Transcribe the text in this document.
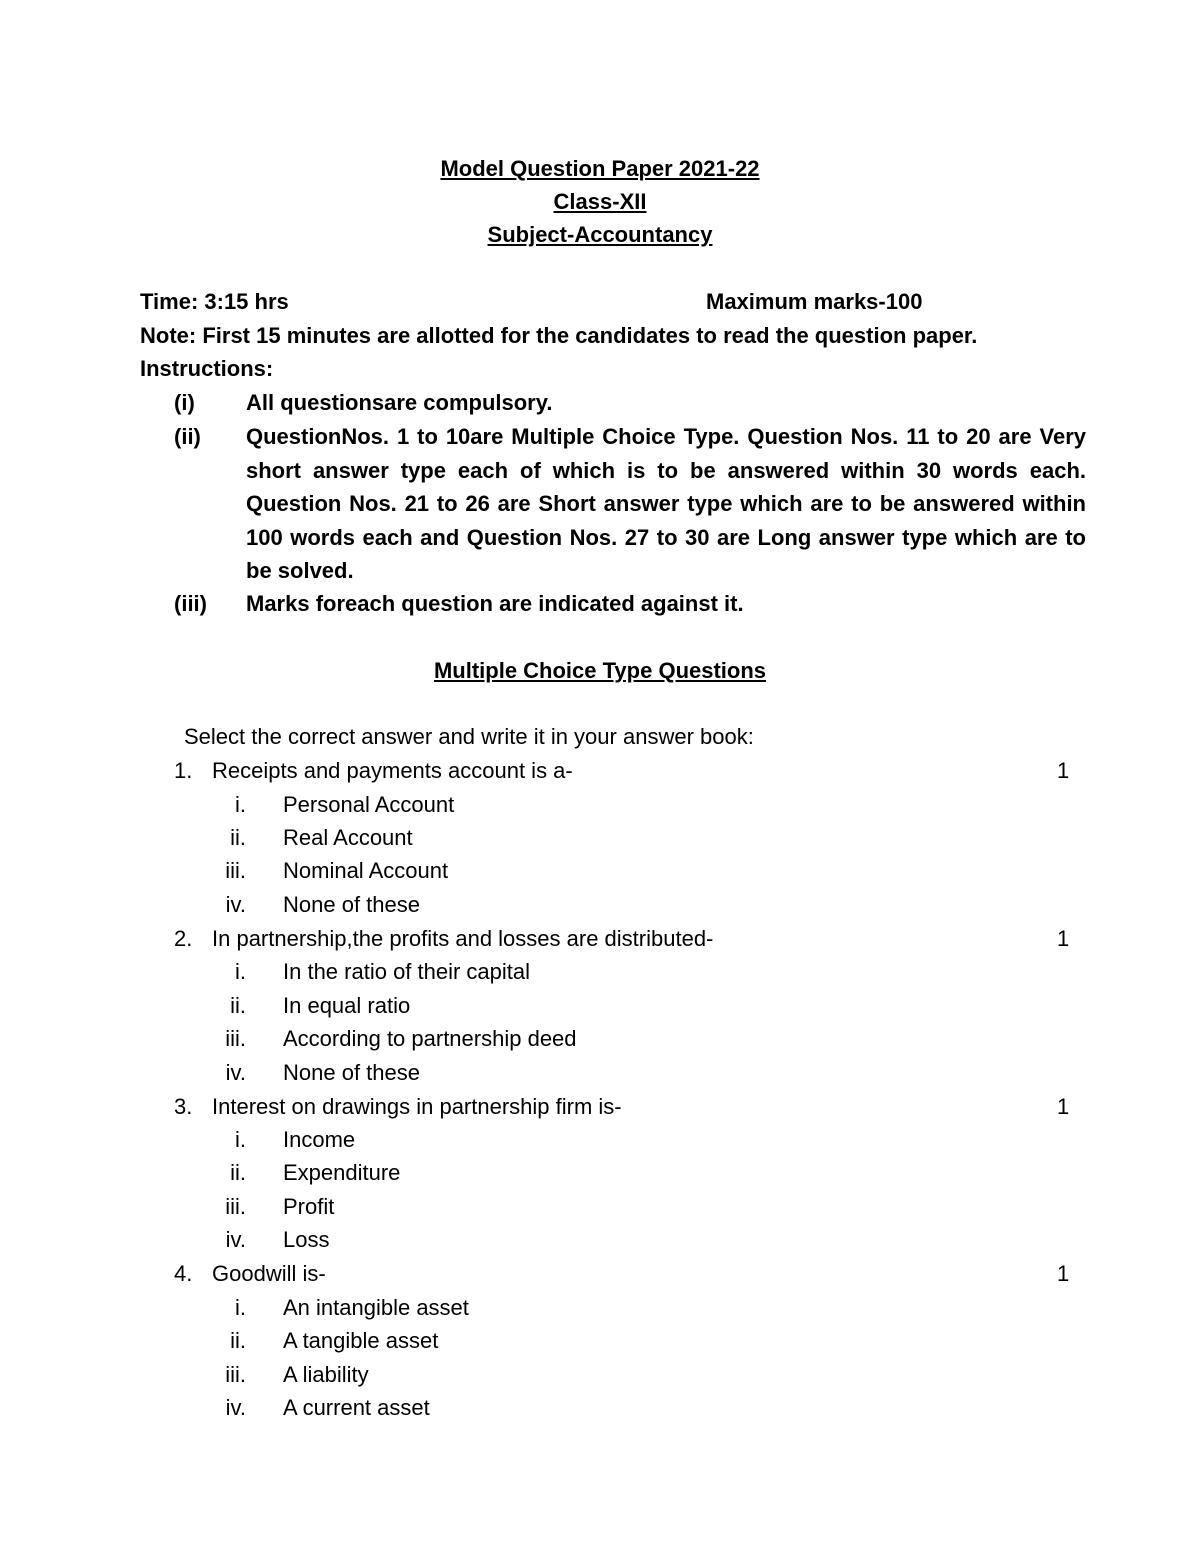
Model Question Paper 2021-22
Class-XII
Subject-Accountancy
Time: 3:15 hrs	Maximum marks-100
Note: First 15 minutes are allotted for the candidates to read the question paper.
Instructions:
(i) All questionsare compulsory.
(ii) QuestionNos. 1 to 10are Multiple Choice Type. Question Nos. 11 to 20 are Very short answer type each of which is to be answered within 30 words each. Question Nos. 21 to 26 are Short answer type which are to be answered within 100 words each and Question Nos. 27 to 30 are Long answer type which are to be solved.
(iii) Marks foreach question are indicated against it.
Multiple Choice Type Questions
Select the correct answer and write it in your answer book:
1. Receipts and payments account is a-	1
i. Personal Account
ii. Real Account
iii. Nominal Account
iv. None of these
2. In partnership,the profits and losses are distributed-	1
i. In the ratio of their capital
ii. In equal ratio
iii. According to partnership deed
iv. None of these
3. Interest on drawings in partnership firm is-	1
i. Income
ii. Expenditure
iii. Profit
iv. Loss
4. Goodwill is-	1
i. An intangible asset
ii. A tangible asset
iii. A liability
iv. A current asset
